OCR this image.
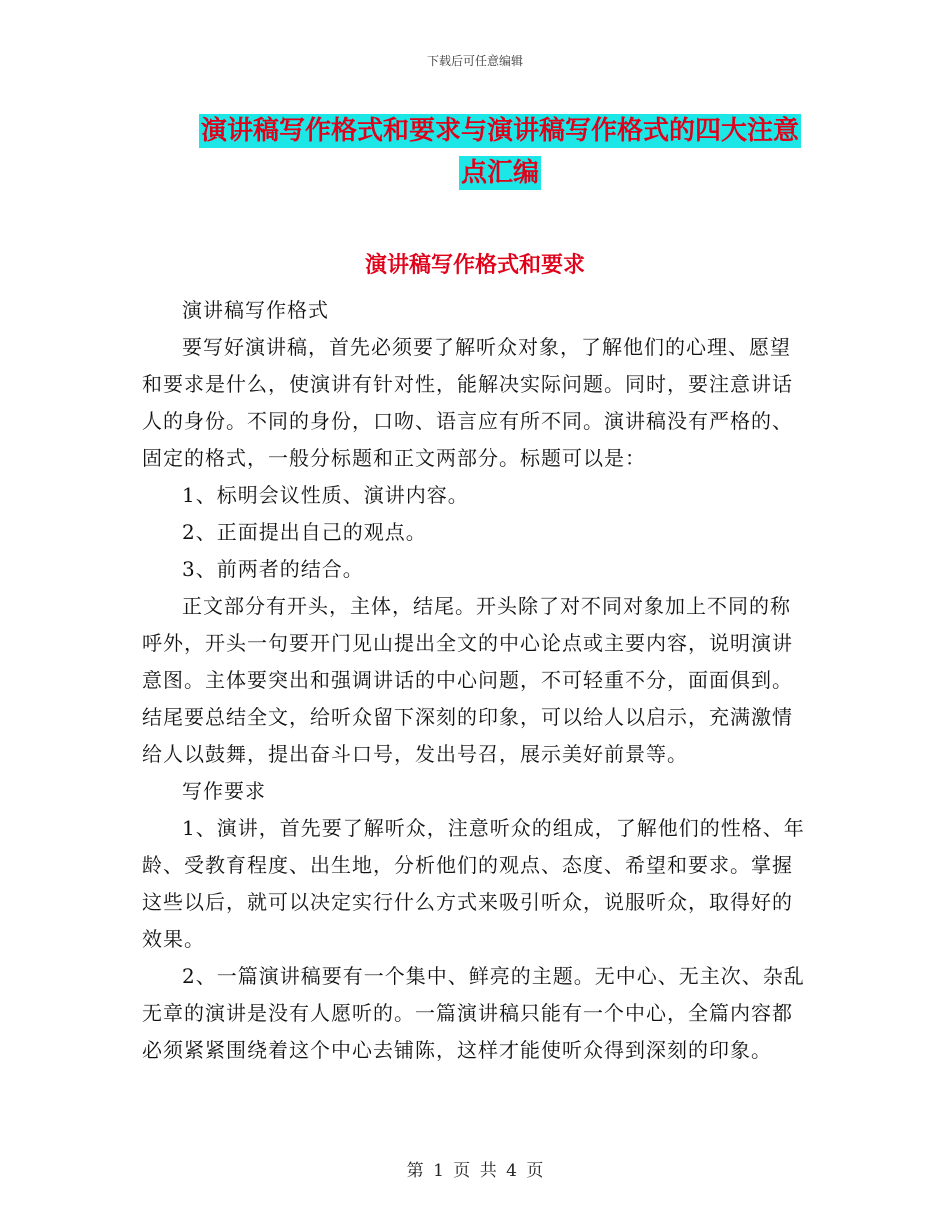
下载后可任意编辑
演讲稿写作格式和要求与演讲稿写作格式的四大注意
点汇编
演讲稿写作格式和要求

演讲稿写作格式

要写好演讲稿，首先必须要了解听众对象，了解他们的心理、愿望和要求是什么，使演讲有针对性，能解决实际问题。同时，要注意讲话人的身份。不同的身份，口吻、语言应有所不同。演讲稿没有严格的、固定的格式，一般分标题和正文两部分。标题可以是：

1、标明会议性质、演讲内容。

2、正面提出自己的观点。

3、前两者的结合。

正文部分有开头，主体，结尾。开头除了对不同对象加上不同的称呼外，开头一句要开门见山提出全文的中心论点或主要内容，说明演讲意图。主体要突出和强调讲话的中心问题，不可轻重不分，面面俱到。结尾要总结全文，给听众留下深刻的印象，可以给人以启示，充满激情给人以鼓舞，提出奋斗口号，发出号召，展示美好前景等。

写作要求

1、演讲，首先要了解听众，注意听众的组成，了解他们的性格、年龄、受教育程度、出生地，分析他们的观点、态度、希望和要求。掌握这些以后，就可以决定实行什么方式来吸引听众，说服听众，取得好的效果。

2、一篇演讲稿要有一个集中、鲜亮的主题。无中心、无主次、杂乱无章的演讲是没有人愿听的。一篇演讲稿只能有一个中心，全篇内容都必须紧紧围绕着这个中心去铺陈，这样才能使听众得到深刻的印象。

第 1 页 共 4 页
